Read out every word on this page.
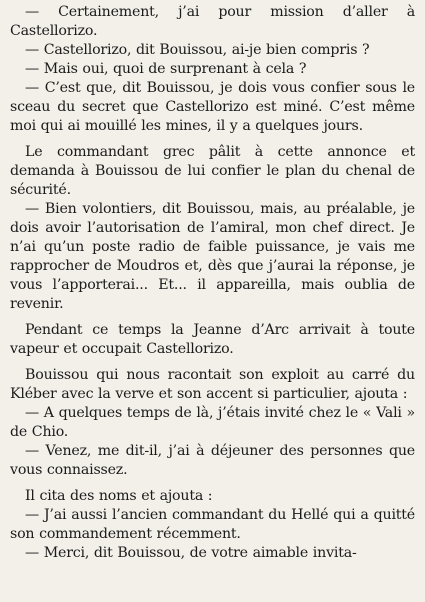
— Certainement, j’ai pour mission d’aller à Castellorizo.

— Castellorizo, dit Bouissou, ai-je bien compris ?

— Mais oui, quoi de surprenant à cela ?

— C’est que, dit Bouissou, je dois vous confier sous le sceau du secret que Castellorizo est miné. C’est même moi qui ai mouillé les mines, il y a quelques jours.

Le commandant grec pâlit à cette annonce et demanda à Bouissou de lui confier le plan du chenal de sécurité.

— Bien volontiers, dit Bouissou, mais, au préalable, je dois avoir l’autorisation de l’amiral, mon chef direct. Je n’ai qu’un poste radio de faible puissance, je vais me rapprocher de Moudros et, dès que j’aurai la réponse, je vous l’apporterai... Et... il appareilla, mais oublia de revenir.

Pendant ce temps la Jeanne d’Arc arrivait à toute vapeur et occupait Castellorizo.

Bouissou qui nous racontait son exploit au carré du Kléber avec la verve et son accent si particulier, ajouta :

— A quelques temps de là, j’étais invité chez le « Vali » de Chio.

— Venez, me dit-il, j’ai à déjeuner des personnes que vous connaissez.

Il cita des noms et ajouta :

— J’ai aussi l’ancien commandant du Hellé qui a quitté son commandement récemment.

— Merci, dit Bouissou, de votre aimable invita-
